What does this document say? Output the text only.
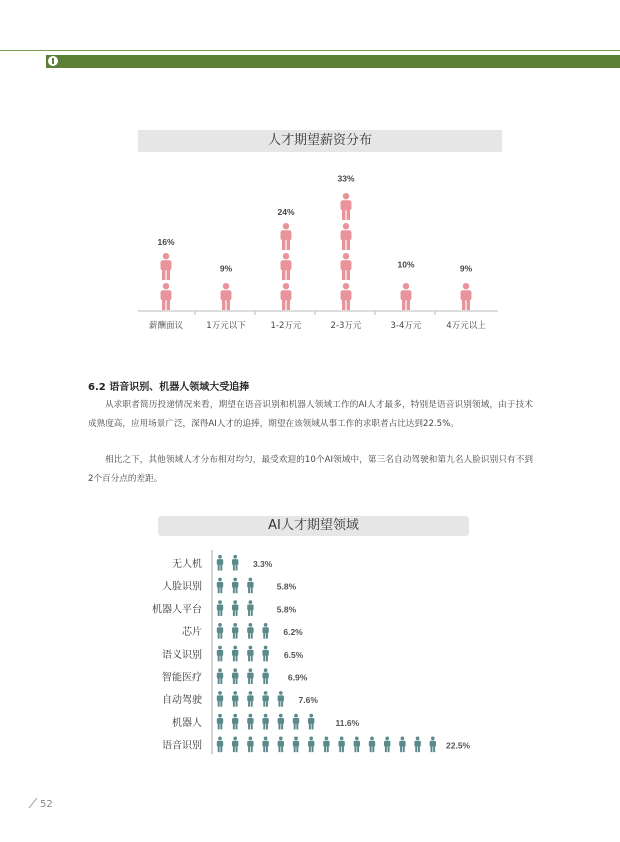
人才期望薪资分布
16%
薪酬面议
9%
1万元以下
24%
1-2万元
33%
2-3万元
10%
3-4万元
9%
4万元以上
6.2 语音识别、机器人领域大受追捧

从求职者简历投递情况来看，期望在语音识别和机器人领域工作的AI人才最多，特别是语音识别领域，由于技术成熟度高，应用场景广泛，深得AI人才的追捧，期望在该领域从事工作的求职者占比达到22.5%。

相比之下，其他领域人才分布相对均匀，最受欢迎的10个AI领域中，第三名自动驾驶和第九名人脸识别只有不到2个百分点的差距。

AI人才期望领域
无人机	3.3%
人脸识别	5.8%
机器人平台	5.8%
芯片	6.2%
语义识别	6.5%
智能医疗	6.9%
自动驾驶	7.6%
机器人	11.6%
语音识别	22.5%
52
